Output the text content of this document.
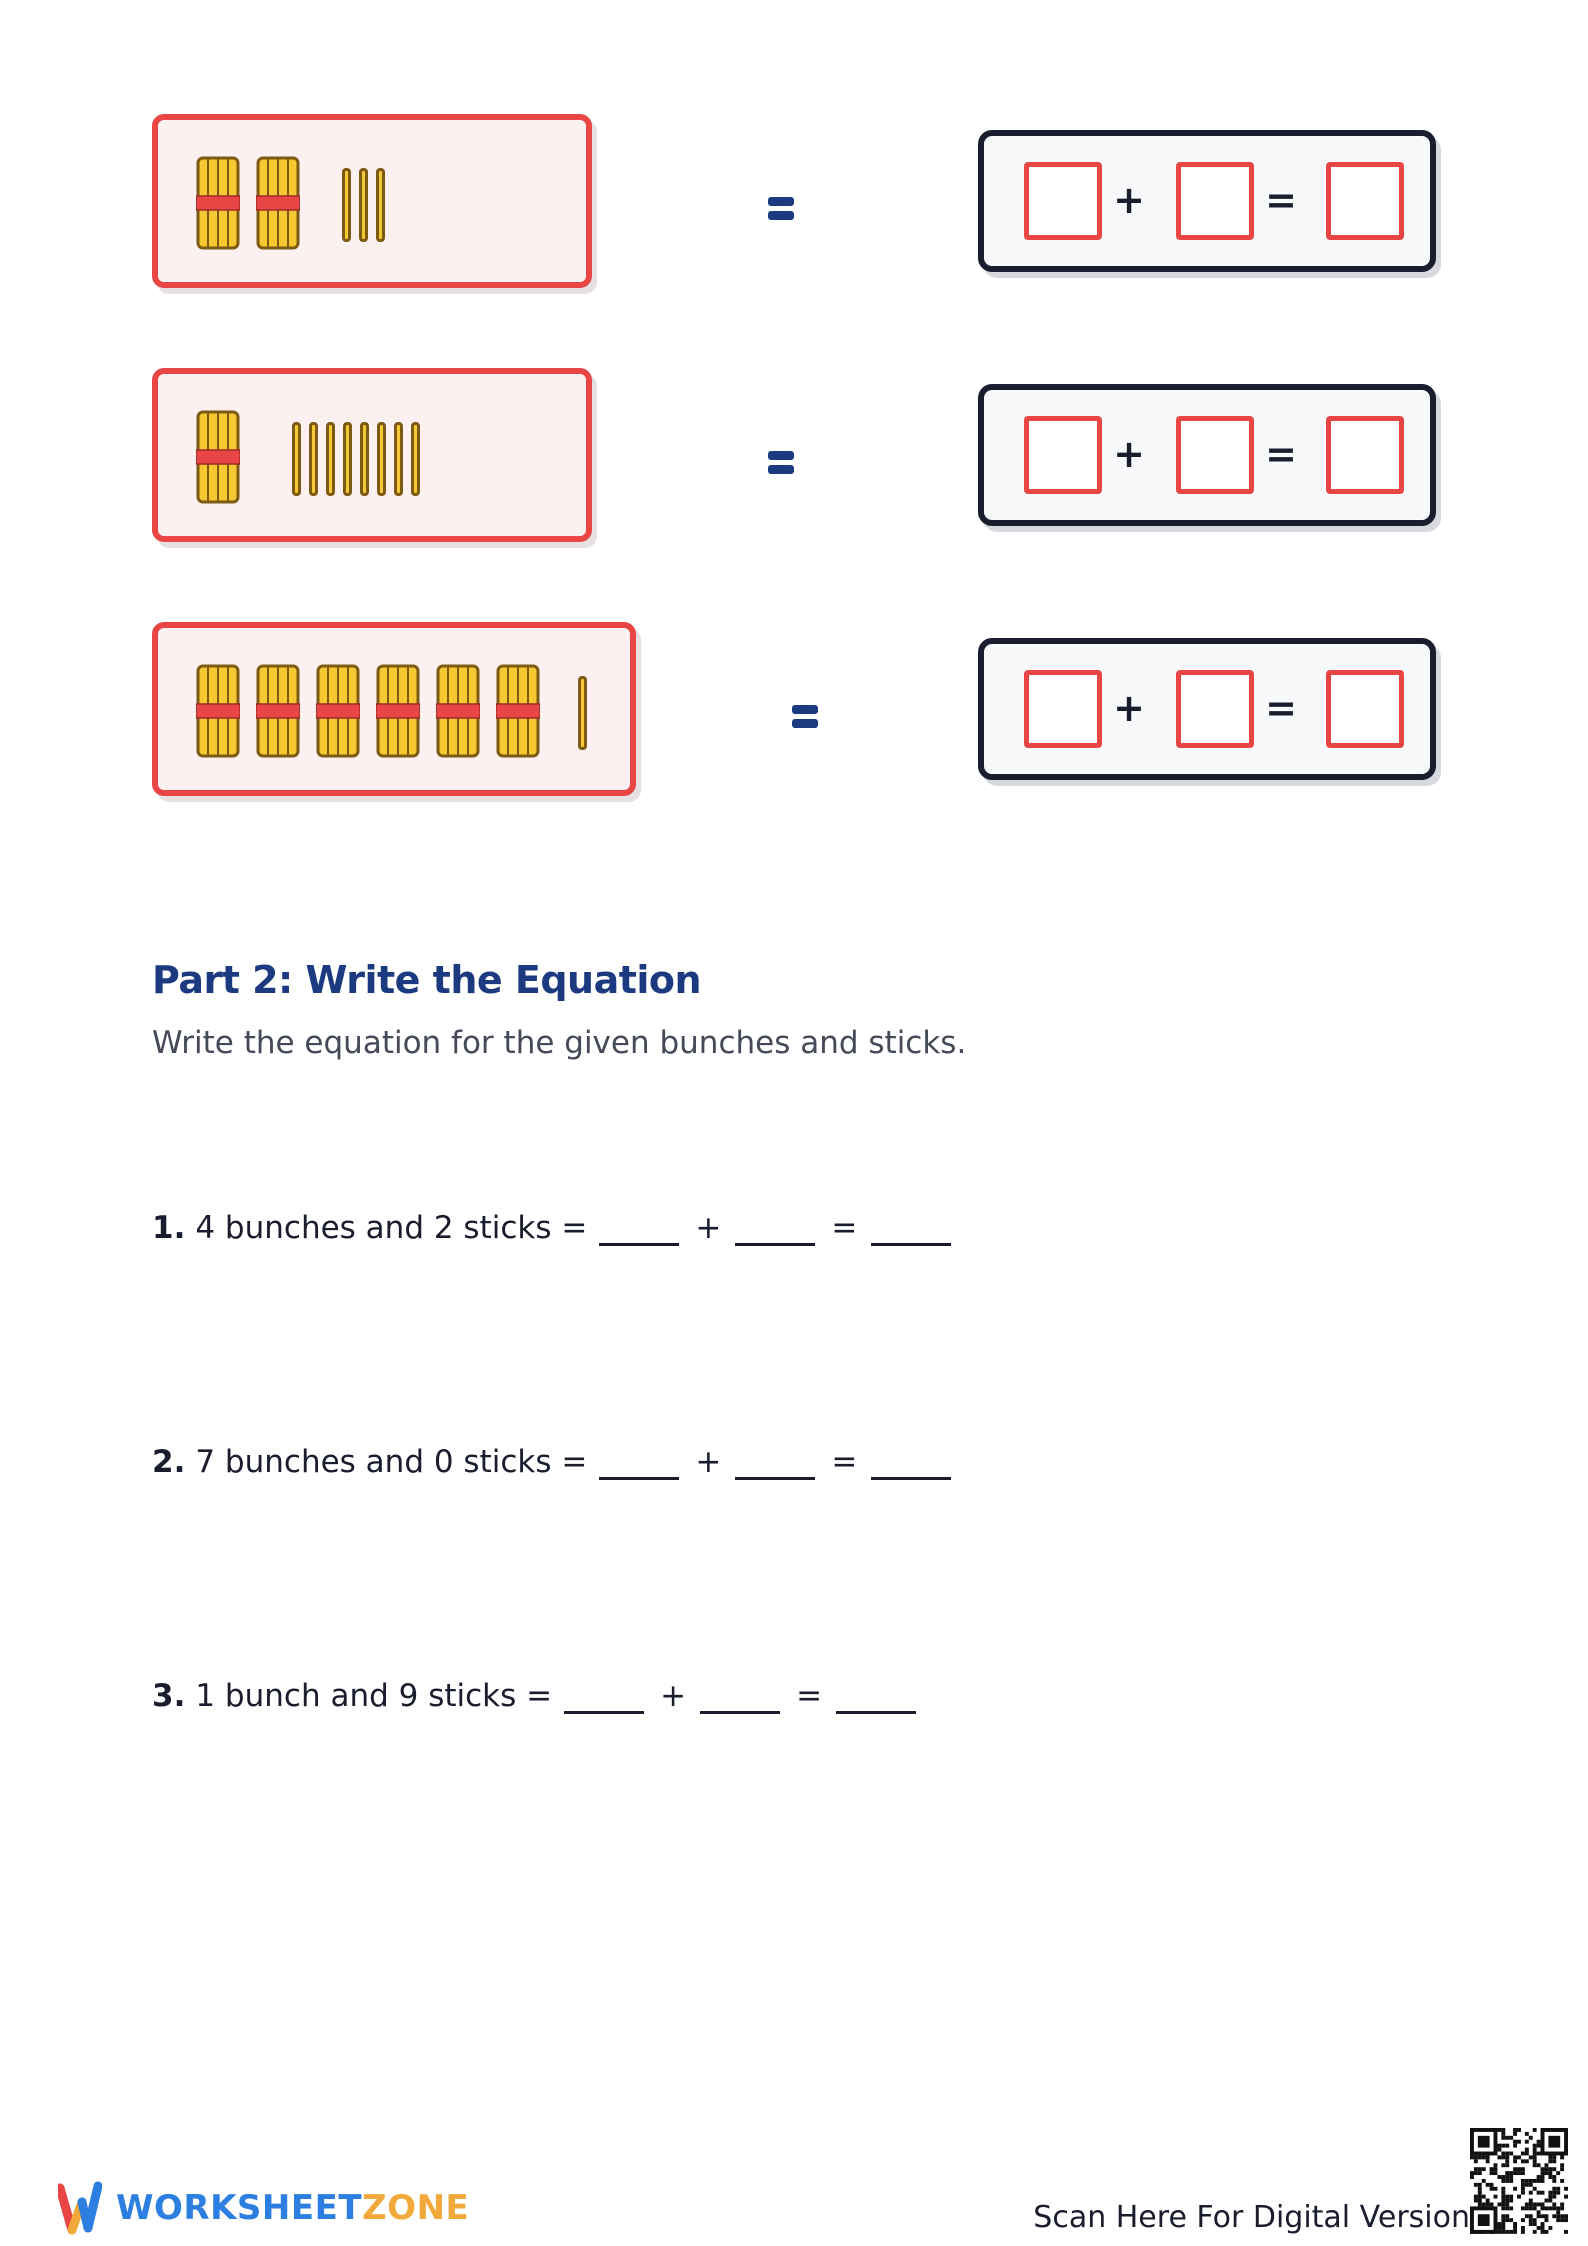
+	=
+	=
+	=
Part 2: Write the Equation
Write the equation for the given bunches and sticks.
1. 4 bunches and 2 sticks =	+	=
2. 7 bunches and 0 sticks =	+	=
3. 1 bunch and 9 sticks =	+	=
WORKSHEETZONE	Scan Here For Digital Version
